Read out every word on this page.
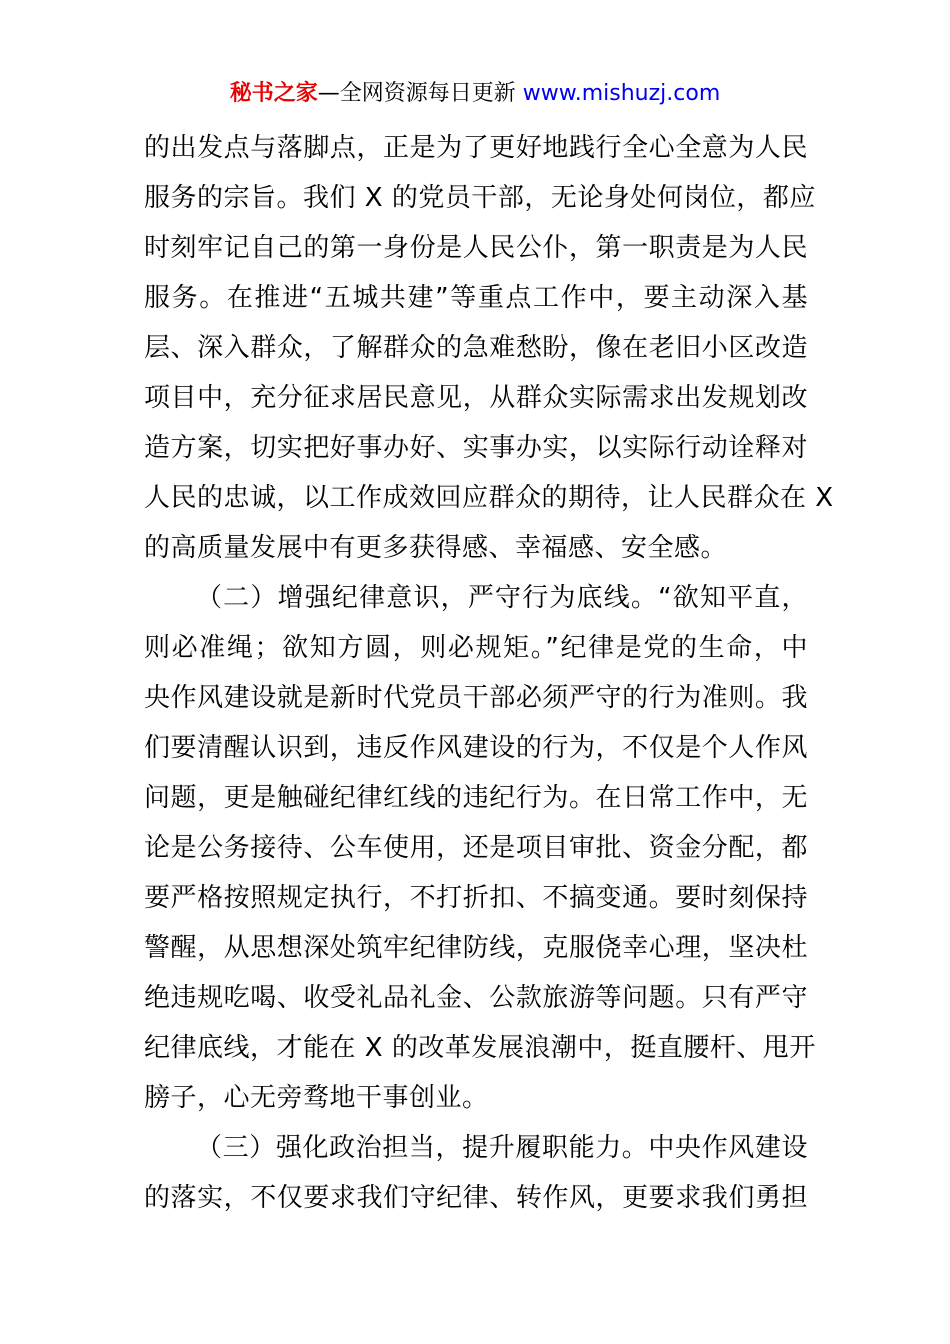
秘书之家—全网资源每日更新 www.mishuzj.com
的出发点与落脚点，正是为了更好地践行全心全意为人民
服务的宗旨。我们 X 的党员干部，无论身处何岗位，都应
时刻牢记自己的第一身份是人民公仆，第一职责是为人民
服务。在推进“五城共建”等重点工作中，要主动深入基
层、深入群众，了解群众的急难愁盼，像在老旧小区改造
项目中，充分征求居民意见，从群众实际需求出发规划改
造方案，切实把好事办好、实事办实，以实际行动诠释对
人民的忠诚，以工作成效回应群众的期待，让人民群众在 X
的高质量发展中有更多获得感、幸福感、安全感。
（二）增强纪律意识，严守行为底线。“欲知平直，
则必准绳；欲知方圆，则必规矩。”纪律是党的生命，中
央作风建设就是新时代党员干部必须严守的行为准则。我
们要清醒认识到，违反作风建设的行为，不仅是个人作风
问题，更是触碰纪律红线的违纪行为。在日常工作中，无
论是公务接待、公车使用，还是项目审批、资金分配，都
要严格按照规定执行，不打折扣、不搞变通。要时刻保持
警醒，从思想深处筑牢纪律防线，克服侥幸心理，坚决杜
绝违规吃喝、收受礼品礼金、公款旅游等问题。只有严守
纪律底线，才能在 X 的改革发展浪潮中，挺直腰杆、甩开
膀子，心无旁骛地干事创业。
（三）强化政治担当，提升履职能力。中央作风建设
的落实，不仅要求我们守纪律、转作风，更要求我们勇担
